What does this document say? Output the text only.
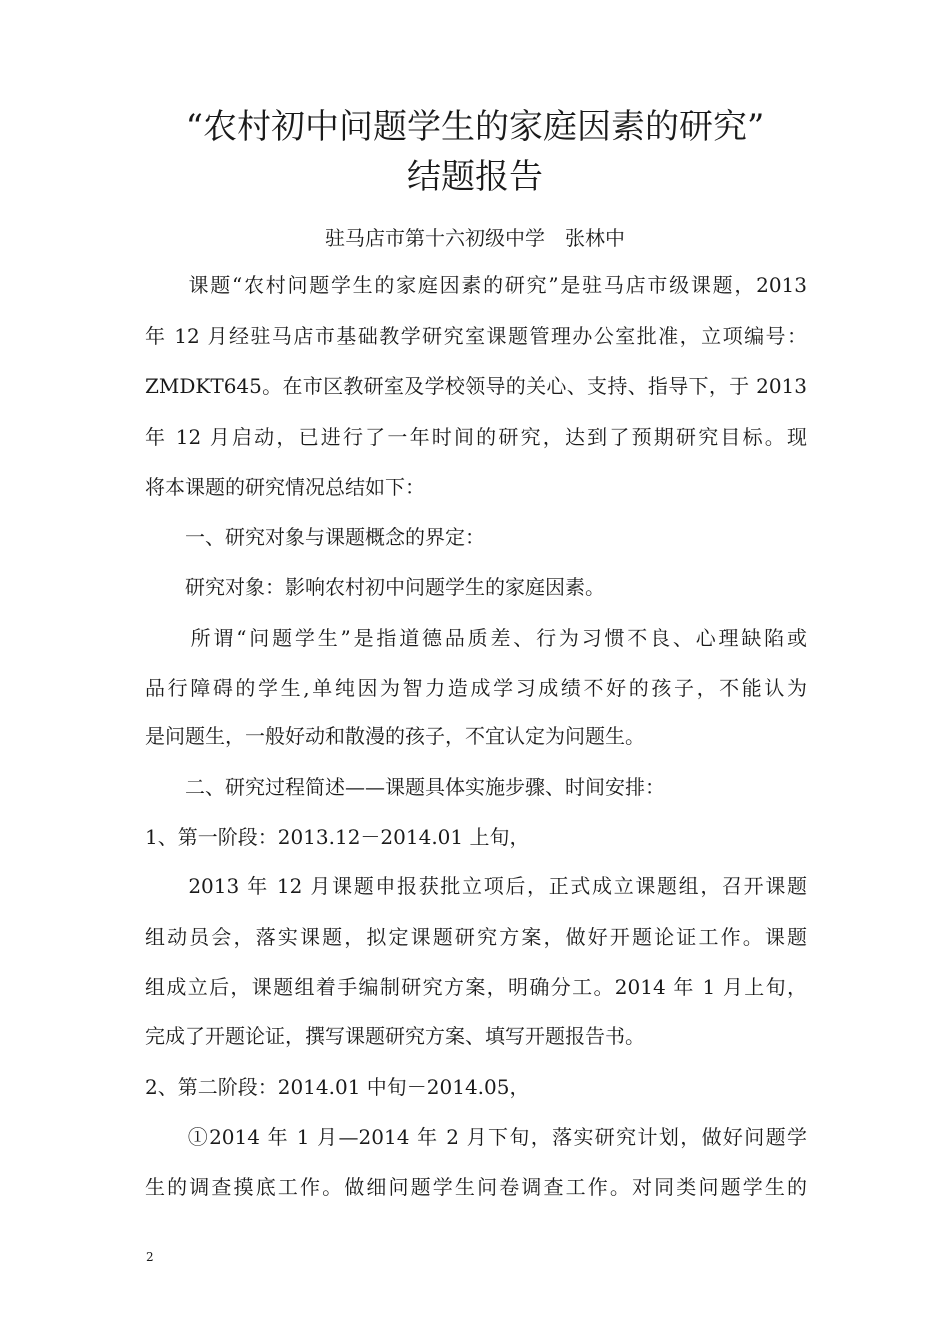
“农村初中问题学生的家庭因素的研究”
结题报告
驻马店市第十六初级中学　张林中
　　课题“农村问题学生的家庭因素的研究”是驻马店市级课题，2013
年 12 月经驻马店市基础教学研究室课题管理办公室批准，立项编号：
ZMDKT645。在市区教研室及学校领导的关心、支持、指导下，于 2013
年 12 月启动，已进行了一年时间的研究，达到了预期研究目标。现
将本课题的研究情况总结如下：
　　一、研究对象与课题概念的界定：
　　研究对象：影响农村初中问题学生的家庭因素。
　　所谓“问题学生”是指道德品质差、行为习惯不良、心理缺陷或
品行障碍的学生,单纯因为智力造成学习成绩不好的孩子，不能认为
是问题生，一般好动和散漫的孩子，不宜认定为问题生。
　　二、研究过程简述——课题具体实施步骤、时间安排：
1、第一阶段：2013.12－2014.01 上旬，
　　2013 年 12 月课题申报获批立项后，正式成立课题组，召开课题
组动员会，落实课题，拟定课题研究方案，做好开题论证工作。课题
组成立后，课题组着手编制研究方案，明确分工。2014 年 1 月上旬，
完成了开题论证，撰写课题研究方案、填写开题报告书。
2、第二阶段：2014.01 中旬－2014.05，
　　①2014 年 1 月—2014 年 2 月下旬，落实研究计划，做好问题学
生的调查摸底工作。做细问题学生问卷调查工作。对同类问题学生的
2
